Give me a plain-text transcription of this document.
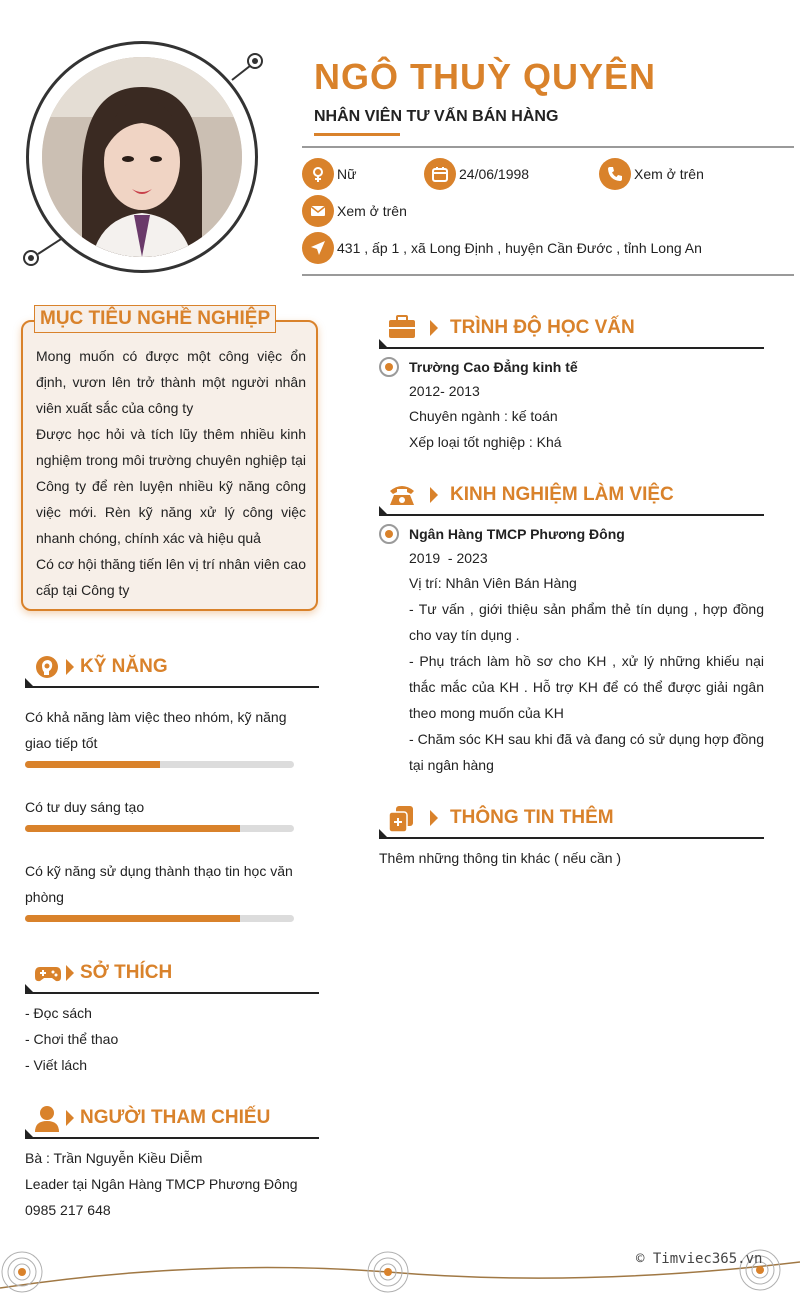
NGÔ THUỲ QUYÊN
NHÂN VIÊN TƯ VẤN BÁN HÀNG
Nữ	24/06/1998	Xem ở trên
Xem ở trên
431 , ấp 1 , xã Long Định , huyện Cần Đước , tỉnh Long An

Mong muốn có được một công việc ổn định, vươn lên trở thành một người nhân viên xuất sắc của công ty

Được học hỏi và tích lũy thêm nhiều kinh nghiệm trong môi trường chuyên nghiệp tại Công ty để rèn luyện nhiều kỹ năng công việc mới. Rèn kỹ năng xử lý công việc nhanh chóng, chính xác và hiệu quả

Có cơ hội thăng tiến lên vị trí nhân viên cao cấp tại Công ty

MỤC TIÊU NGHỀ NGHIỆP
KỸ NĂNG
Có khả năng làm việc theo nhóm, kỹ năng giao tiếp tốt
Có tư duy sáng tạo
Có kỹ năng sử dụng thành thạo tin học văn phòng
SỞ THÍCH
- Đọc sách
- Chơi thể thao
- Viết lách
NGƯỜI THAM CHIẾU
Bà : Trần Nguyễn Kiều Diễm
Leader tại Ngân Hàng TMCP Phương Đông
0985 217 648
TRÌNH ĐỘ HỌC VẤN
Trường Cao Đẳng kinh tế
2012- 2013
Chuyên ngành : kế toán
Xếp loại tốt nghiệp : Khá
KINH NGHIỆM LÀM VIỆC
Ngân Hàng TMCP Phương Đông
2019  - 2023
Vị trí: Nhân Viên Bán Hàng

- Tư vấn , giới thiệu sản phẩm thẻ tín dụng , hợp đồng cho vay tín dụng .

- Phụ trách làm hồ sơ cho KH , xử lý những khiếu nại thắc mắc của KH . Hỗ trợ KH để có thể được giải ngân theo mong muốn của KH

- Chăm sóc KH sau khi đã và đang có sử dụng hợp đồng tại ngân hàng

THÔNG TIN THÊM
Thêm những thông tin khác ( nếu cần )
© Timviec365.vn
